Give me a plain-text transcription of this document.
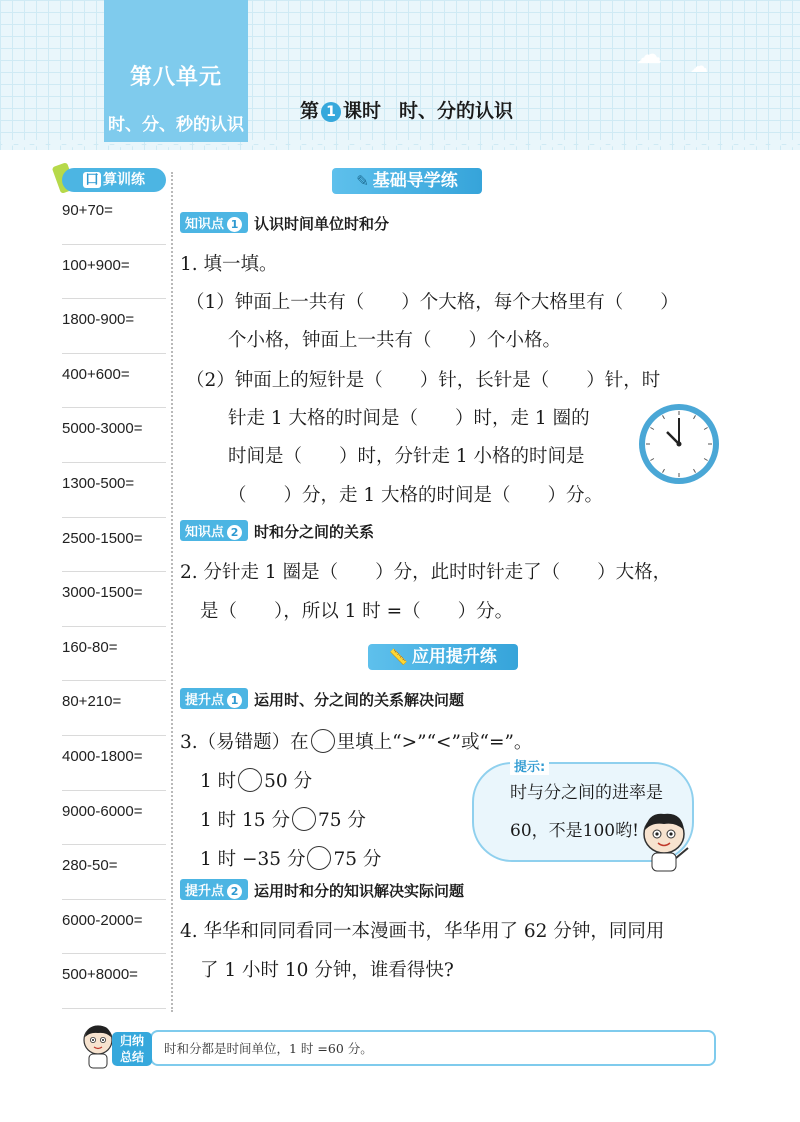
第八单元
时、分、秒的认识
☁ ☁
第 1 课时 时、分的认识
口 算训练
90+70=
100+900=
1800-900=
400+600=
5000-3000=
1300-500=
2500-1500=
3000-1500=
160-80=
80+210=
4000-1800=
9000-6000=
280-50=
6000-2000=
500+8000=
✎ 基础导学练
知识点 1 认识时间单位时和分
1. 填一填。
（1）钟面上一共有（　　）个大格，每个大格里有（　　）
个小格，钟面上一共有（　　）个小格。
（2）钟面上的短针是（　　）针，长针是（　　）针，时
针走 1 大格的时间是（　　）时，走 1 圈的
时间是（　　）时，分针走 1 小格的时间是
（　　）分，走 1 大格的时间是（　　）分。
知识点 2 时和分之间的关系
2. 分针走 1 圈是（　　）分，此时时针走了（　　）大格，
是（　　），所以 1 时 =（　　）分。
📏 应用提升练
提升点 1 运用时、分之间的关系解决问题
3.（易错题）在 里填上“>”“<”或“=”。
1 时 50 分
1 时 15 分 75 分
1 时 −35 分 75 分
提示:
时与分之间的进率是
60，不是100哟!
提升点 2 运用时和分的知识解决实际问题
4. 华华和同同看同一本漫画书，华华用了 62 分钟，同同用
了 1 小时 10 分钟，谁看得快?
归纳
总结
时和分都是时间单位，1 时 =60 分。
